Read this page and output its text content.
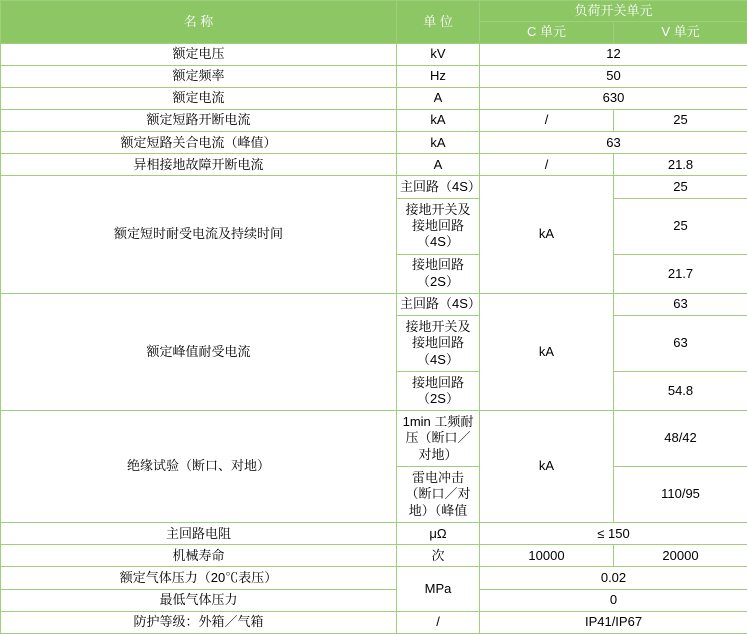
名 称	单 位	负荷开关单元	
		C 单元	V 单元
额定电压	kV	12	
额定频率	Hz	50	
额定电流	A	630	
额定短路开断电流	kA	/	25
额定短路关合电流（峰值）	kA	63	
异相接地故障开断电流	A	/	21.8
额定短时耐受电流及持续时间	主回路（4S）	kA	25
	接地开关及接地回路（4S）		25
	接地回路（2S）		21.7
额定峰值耐受电流	主回路（4S）	kA	63
	接地开关及接地回路（4S）		63
	接地回路（2S）		54.8
绝缘试验（断口、对地）	1min 工频耐压（断口／对地）	kA	48/42
	雷电冲击（断口／对地）（峰值		110/95
主回路电阻	μΩ	≤ 150	
机械寿命	次	10000	20000
额定气体压力（20℃表压）	MPa	0.02	
最低气体压力		0	
防护等级：外箱／气箱	/	IP41/IP67	
